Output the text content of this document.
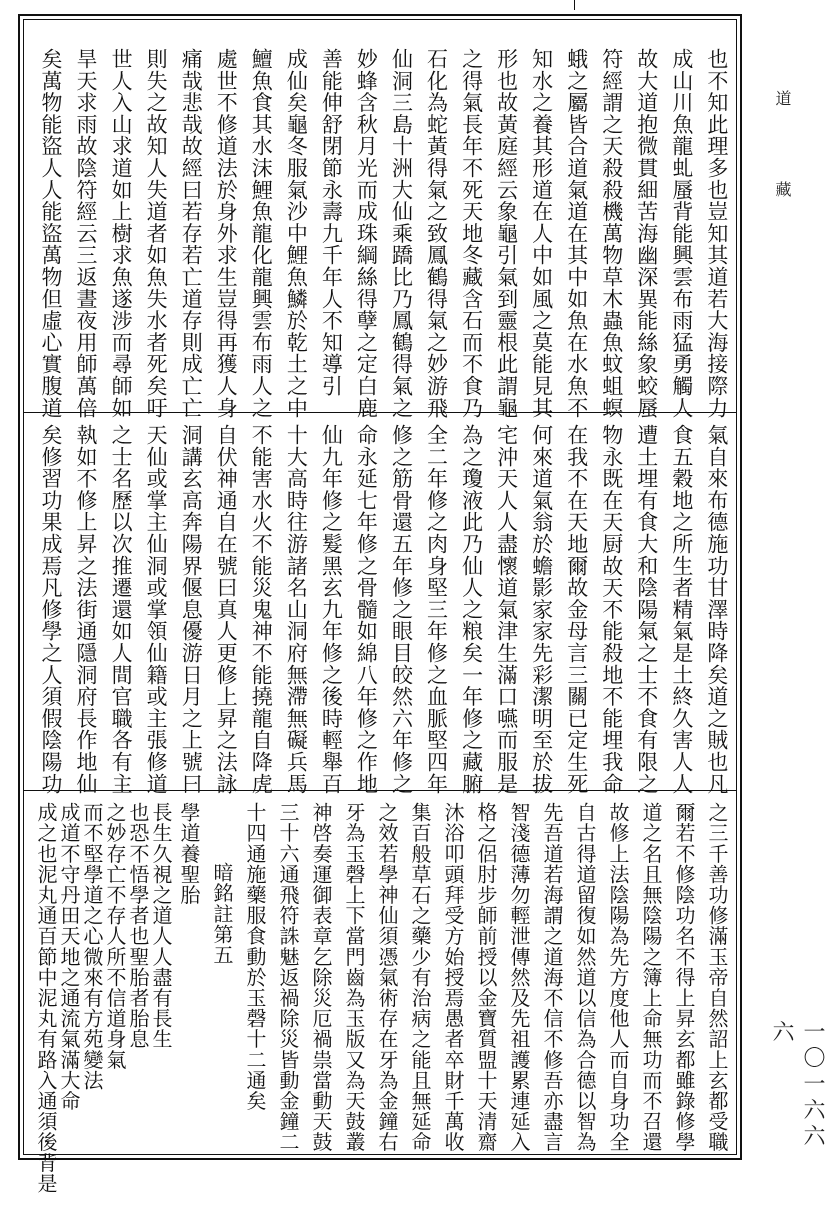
也不知此理多也豈知其道若大海接際力
成山川魚龍虬蜃背能興雲布雨猛勇觸人
故大道抱微貫細苦海幽深異能絲象蛟蜃
符經謂之天殺殺機萬物草木蟲魚蚊蛆螟
蛾之屬皆合道氣道在其中如魚在水魚不
知水之養其形道在人中如風之莫能見其
形也故黃庭經云象龜引氣到靈根此謂龜
之得氣長年不死天地冬藏含石而不食乃
石化為蛇黃得氣之致鳳鶴得氣之妙游飛
仙洞三島十洲大仙乘蹻比乃鳳鶴得氣之
妙蜂含秋月光而成珠綱絲得孽之定白鹿
善能伸舒閉節永壽九千年人不知導引
成仙矣龜冬服氣沙中鯉魚鱗於乾土之中
鱣魚食其水沫鯉魚龍化龍興雲布雨人之
處世不修道法於身外求生豈得再獲人身
痛哉悲哉故經曰若存若亡道存則成亡亡
則失之故知人失道者如魚失水者死矣吁
世人入山求道如上樹求魚遂涉而尋師如
旱天求雨故陰符經云三返晝夜用師萬倍
矣萬物能盜人人能盜萬物但虛心實腹道
氣自來布德施功甘澤時降矣道之賊也凡
食五穀地之所生者精氣是土終久害人人
遭土埋有食大和陰陽氣之士不食有限之
物永既在天厨故天不能殺地不能埋我命
在我不在天地爾故金母言三關已定生死
何來道氣翁於蟾影家家先彩潔明至於拔
宅沖天人人盡懷道氣津生滿口嚥而服是
為之瓊液此乃仙人之粮矣一年修之藏腑
全二年修之肉身堅三年修之血脈堅四年
修之筋骨還五年修之眼目皎然六年修之
命永延七年修之骨髓如綿八年修之作地
仙九年修之髮黑玄九年修之後時輕舉百
十大高時往游諸名山洞府無滯無礙兵馬
不能害水火不能災鬼神不能撓龍自降虎
自伏神通自在號曰真人更修上昇之法詠
洞講玄高奔陽界偃息優游日月之上號曰
天仙或掌主仙洞或掌領仙籍或主張修道
之士名歷以次推遷還如人間官職各有主
執如不修上昇之法街通隱洞府長作地仙
矣修習功果成焉凡修學之人須假陰陽功
之三千善功修滿玉帝自然詔上玄都受職
爾若不修陰功名不得上昇玄都雖錄修學
道之名且無陰陽之簿上命無功而不召還
故修上法陰陽為先方度他人而自身功全
自古得道留復如然道以信為合德以智為
先吾道若海謂之道海不信不修吾亦盡言
智淺德薄勿輕泄傳然及先祖護累連延入
格之侶肘步師前授以金寶質盟十天清齋
沐浴叩頭拜受方始授焉愚者卒財千萬收
集百般草石之藥少有治病之能且無延命
之效若學神仙須憑氣術存在牙為金鐘右
牙為玉磬上下當門齒為玉版又為天鼓叢
神啓奏運御表章乞除災厄禍祟當動天鼓
三十六通飛符誅魅返禍除災皆動金鐘二
十四通施藥服食動於玉磬十二通矣
暗銘註第五
學道養聖胎
長生久視之道人人盡有長生
也恐不悟學者也聖胎者胎息
之妙存亡不存人所不信道身氣
而不堅學道之心微來有方苑變法
成道不守丹田天地之通流氣滿大命
成之也泥丸通百節中泥丸有路入通須後背是
道 藏
一〇一六六六
